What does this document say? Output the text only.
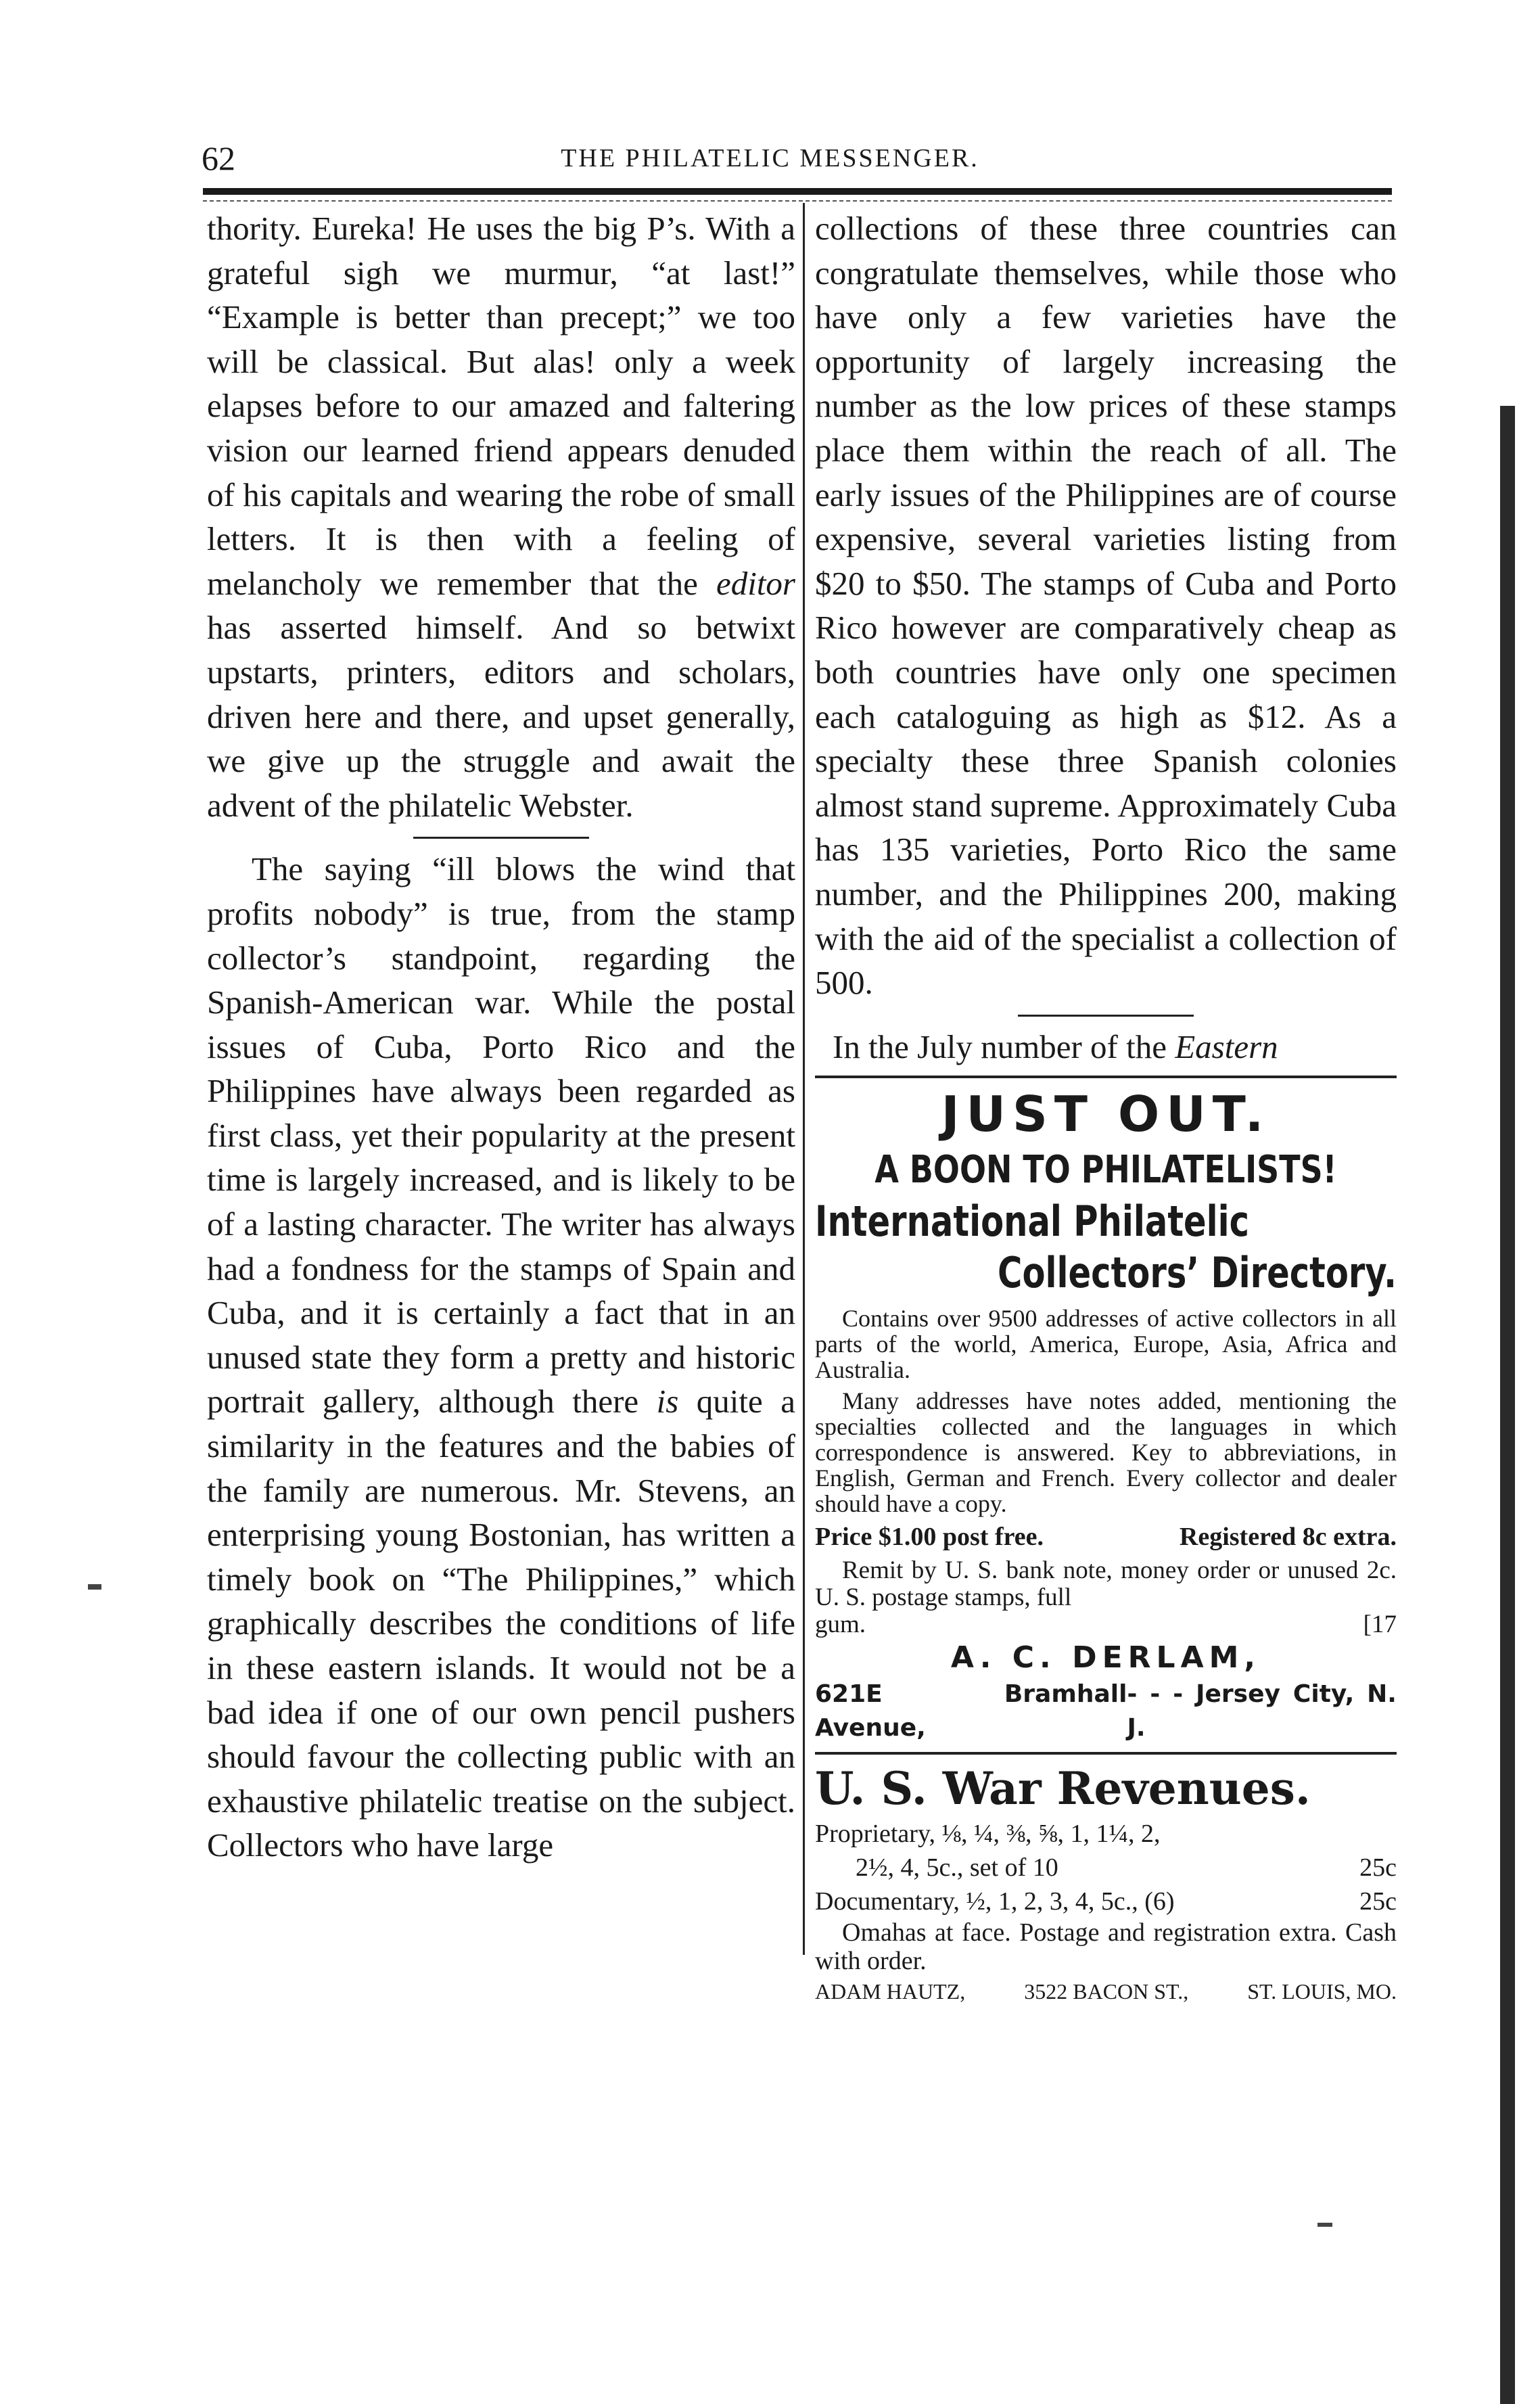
62	THE PHILATELIC MESSENGER.

thority. Eureka! He uses the big P’s. With a grateful sigh we murmur, “at last!” “Example is better than precept;” we too will be classical. But alas! only a week elapses before to our amazed and faltering vision our learned friend appears denuded of his capitals and wearing the robe of small letters. It is then with a feeling of melancholy we remember that the editor has asserted himself. And so betwixt upstarts, printers, editors and scholars, driven here and there, and upset generally, we give up the struggle and await the advent of the philatelic Webster.

The saying “ill blows the wind that profits nobody” is true, from the stamp collector’s standpoint, regarding the Spanish-American war. While the postal issues of Cuba, Porto Rico and the Philippines have always been regarded as first class, yet their popularity at the present time is largely increased, and is likely to be of a lasting character. The writer has always had a fondness for the stamps of Spain and Cuba, and it is certainly a fact that in an unused state they form a pretty and historic portrait gallery, although there is quite a similarity in the features and the babies of the family are numerous. Mr. Stevens, an enterprising young Bostonian, has written a timely book on “The Philippines,” which graphically describes the conditions of life in these eastern islands. It would not be a bad idea if one of our own pencil pushers should favour the collecting public with an exhaustive philatelic treatise on the subject. Collectors who have large

collections of these three countries can congratulate themselves, while those who have only a few varieties have the opportunity of largely increasing the number as the low prices of these stamps place them within the reach of all. The early issues of the Philippines are of course expensive, several varieties listing from $20 to $50. The stamps of Cuba and Porto Rico however are comparatively cheap as both countries have only one specimen each cataloguing as high as $12. As a specialty these three Spanish colonies almost stand supreme. Approximately Cuba has 135 varieties, Porto Rico the same number, and the Philippines 200, making with the aid of the specialist a collection of 500.

In the July number of the Eastern

JUST OUT.
A BOON TO PHILATELISTS!
International Philatelic
Collectors’ Directory.

Contains over 9500 addresses of active collectors in all parts of the world, America, Europe, Asia, Africa and Australia.

Many addresses have notes added, mentioning the specialties collected and the languages in which correspondence is answered. Key to abbreviations, in English, German and French. Every collector and dealer should have a copy.

Price $1.00 post free.	Registered 8c extra.

Remit by U. S. bank note, money order or unused 2c. U. S. postage stamps, full

gum.	[17
A. C. DERLAM,
621E Bramhall Avenue,
- - - Jersey City, N. J.
U. S. War Revenues.
Proprietary, ⅛, ¼, ⅜, ⅝, 1, 1¼, 2,
2½, 4, 5c., set of 10	25c
Documentary, ½, 1, 2, 3, 4, 5c., (6)	25c

Omahas at face. Postage and registration extra. Cash with order.

ADAM HAUTZ,	3522 BACON ST.,	ST. LOUIS, MO.
